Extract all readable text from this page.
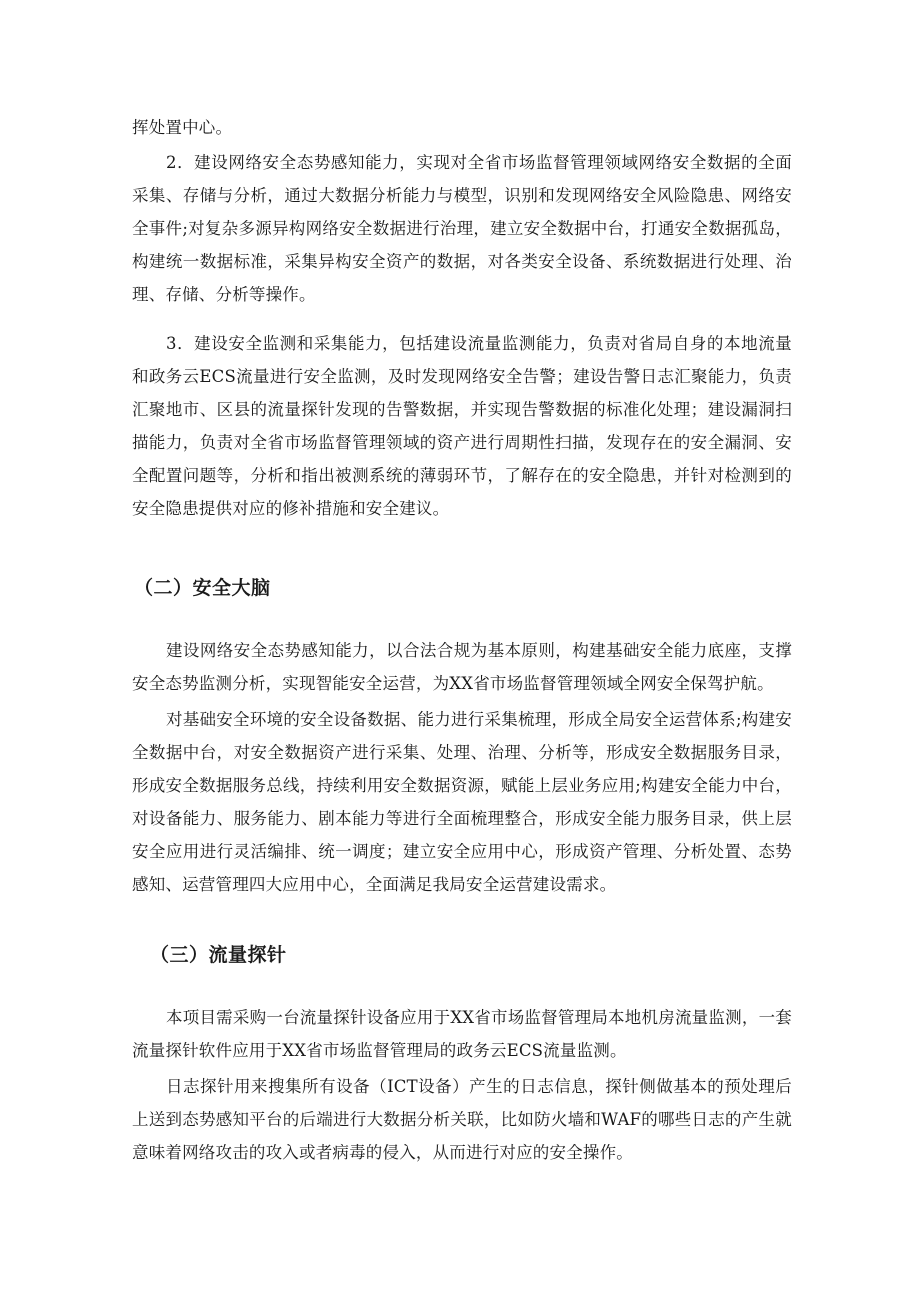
挥处置中心。

2．建设网络安全态势感知能力，实现对全省市场监督管理领域网络安全数据的全面采集、存储与分析，通过大数据分析能力与模型，识别和发现网络安全风险隐患、网络安全事件;对复杂多源异构网络安全数据进行治理，建立安全数据中台，打通安全数据孤岛，构建统一数据标准，采集异构安全资产的数据，对各类安全设备、系统数据进行处理、治理、存储、分析等操作。

3．建设安全监测和采集能力，包括建设流量监测能力，负责对省局自身的本地流量和政务云ECS流量进行安全监测，及时发现网络安全告警；建设告警日志汇聚能力，负责汇聚地市、区县的流量探针发现的告警数据，并实现告警数据的标准化处理；建设漏洞扫描能力，负责对全省市场监督管理领域的资产进行周期性扫描，发现存在的安全漏洞、安全配置问题等，分析和指出被测系统的薄弱环节，了解存在的安全隐患，并针对检测到的安全隐患提供对应的修补措施和安全建议。

（二）安全大脑

建设网络安全态势感知能力，以合法合规为基本原则，构建基础安全能力底座，支撑安全态势监测分析，实现智能安全运营，为XX省市场监督管理领域全网安全保驾护航。

对基础安全环境的安全设备数据、能力进行采集梳理，形成全局安全运营体系;构建安全数据中台，对安全数据资产进行采集、处理、治理、分析等，形成安全数据服务目录，形成安全数据服务总线，持续利用安全数据资源，赋能上层业务应用;构建安全能力中台，对设备能力、服务能力、剧本能力等进行全面梳理整合，形成安全能力服务目录，供上层安全应用进行灵活编排、统一调度；建立安全应用中心，形成资产管理、分析处置、态势感知、运营管理四大应用中心，全面满足我局安全运营建设需求。

（三）流量探针

本项目需采购一台流量探针设备应用于XX省市场监督管理局本地机房流量监测，一套流量探针软件应用于XX省市场监督管理局的政务云ECS流量监测。

日志探针用来搜集所有设备（ICT设备）产生的日志信息，探针侧做基本的预处理后上送到态势感知平台的后端进行大数据分析关联，比如防火墙和WAF的哪些日志的产生就意味着网络攻击的攻入或者病毒的侵入，从而进行对应的安全操作。
